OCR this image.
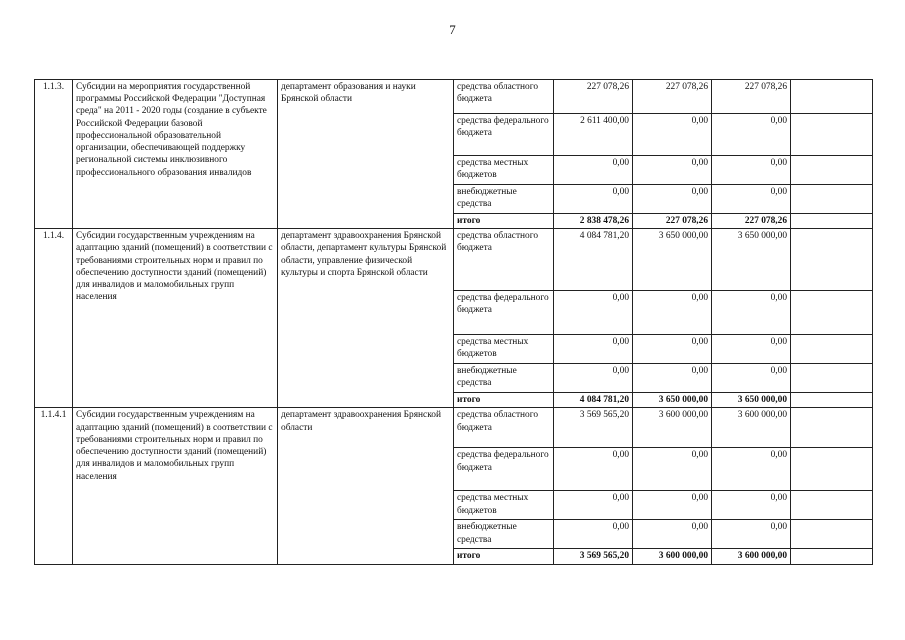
7
1.1.3.	Субсидии на мероприятия государственной программы Российской Федерации "Доступная среда" на 2011 - 2020 годы (создание в субъекте Российской Федерации базовой профессиональной образовательной организации, обеспечивающей поддержку региональной системы инклюзивного профессионального образования инвалидов	департамент образования и науки Брянской области	средства областного бюджета	227 078,26	227 078,26	227 078,26	
			средства федерального бюджета	2 611 400,00	0,00	0,00	
			средства местных бюджетов	0,00	0,00	0,00	
			внебюджетные средства	0,00	0,00	0,00	
			итого	2 838 478,26	227 078,26	227 078,26	
1.1.4.	Субсидии государственным учреждениям на адаптацию зданий (помещений) в соответствии с требованиями строительных норм и правил по обеспечению доступности зданий (помещений) для инвалидов и маломобильных групп населения	департамент здравоохранения Брянской области, департамент культуры Брянской области, управление физической культуры и спорта Брянской области	средства областного бюджета	4 084 781,20	3 650 000,00	3 650 000,00	
			средства федерального бюджета	0,00	0,00	0,00	
			средства местных бюджетов	0,00	0,00	0,00	
			внебюджетные средства	0,00	0,00	0,00	
			итого	4 084 781,20	3 650 000,00	3 650 000,00	
1.1.4.1	Субсидии государственным учреждениям на адаптацию зданий (помещений) в соответствии с требованиями строительных норм и правил по обеспечению доступности зданий (помещений) для инвалидов и маломобильных групп населения	департамент здравоохранения Брянской области	средства областного бюджета	3 569 565,20	3 600 000,00	3 600 000,00	
			средства федерального бюджета	0,00	0,00	0,00	
			средства местных бюджетов	0,00	0,00	0,00	
			внебюджетные средства	0,00	0,00	0,00	
			итого	3 569 565,20	3 600 000,00	3 600 000,00	
